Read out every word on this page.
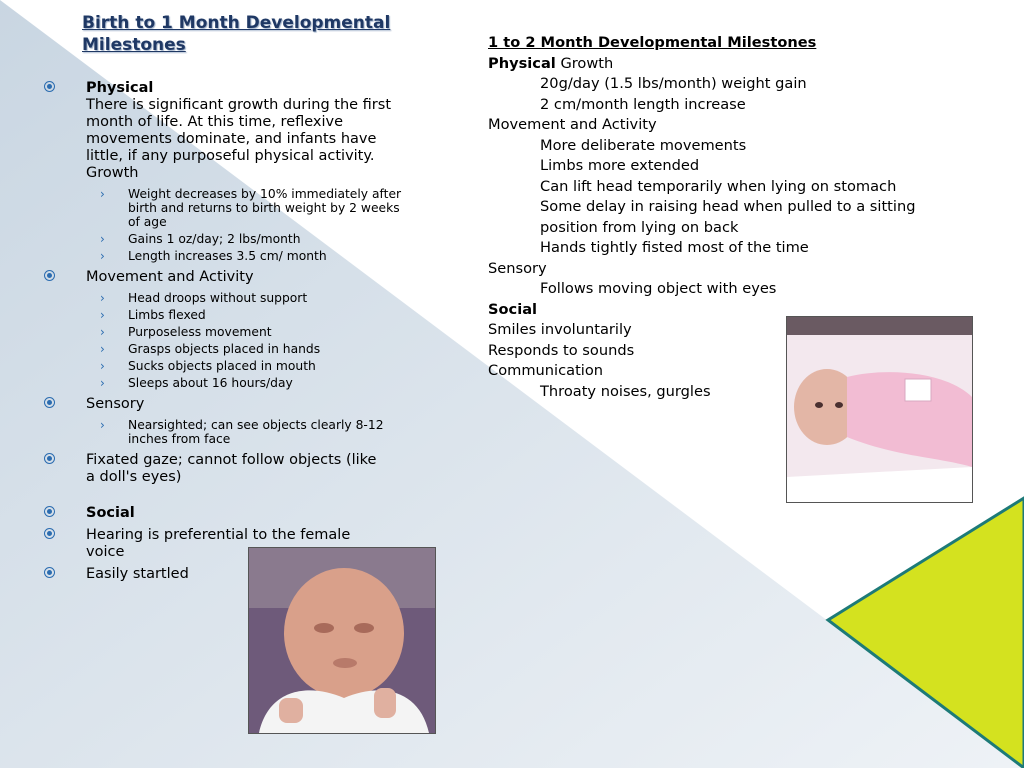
Birth to 1 Month Developmental Milestones
Physical
There is significant growth during the first month of life. At this time, reflexive movements dominate, and infants have little, if any purposeful physical activity. Growth
› Weight decreases by 10% immediately after birth and returns to birth weight by 2 weeks of age
› Gains 1 oz/day; 2 lbs/month
› Length increases 3.5 cm/ month
Movement and Activity
› Head droops without support
› Limbs flexed
› Purposeless movement
› Grasps objects placed in hands
› Sucks objects placed in mouth
› Sleeps about 16 hours/day
Sensory
› Nearsighted; can see objects clearly 8-12 inches from face
Fixated gaze; cannot follow objects (like a doll's eyes)
Social
Hearing is preferential to the female voice
Easily startled
1 to 2 Month Developmental Milestones
Physical Growth
20g/day (1.5 lbs/month) weight gain
2 cm/month length increase
Movement and Activity
More deliberate movements
Limbs more extended
Can lift head temporarily when lying on stomach
Some delay in raising head when pulled to a sitting position from lying on back
Hands tightly fisted most of the time
Sensory
Follows moving object with eyes
Social
Smiles involuntarily
Responds to sounds
Communication
Throaty noises, gurgles
